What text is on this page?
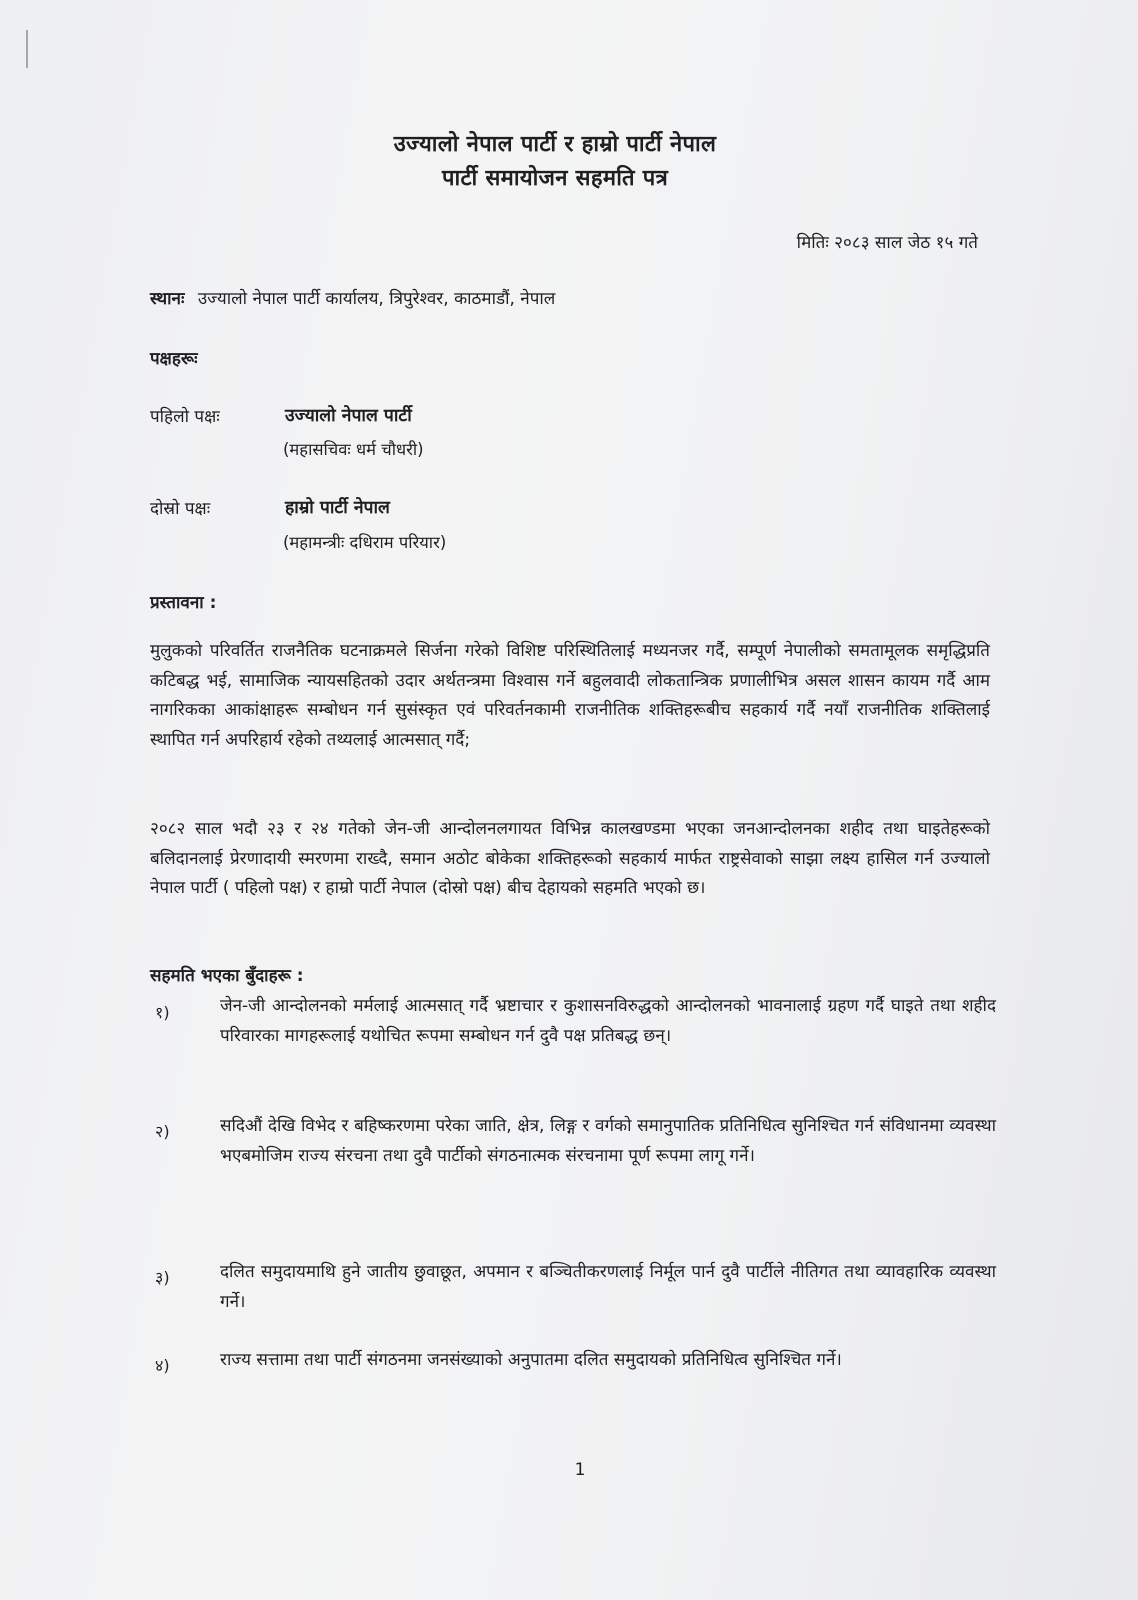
उज्यालो नेपाल पार्टी र हाम्रो पार्टी नेपाल
पार्टी समायोजन सहमति पत्र
मितिः २०८३ साल जेठ १५ गते
स्थानः उज्यालो नेपाल पार्टी कार्यालय, त्रिपुरेश्वर, काठमाडौं, नेपाल
पक्षहरूः
पहिलो पक्षः	उज्यालो नेपाल पार्टी
(महासचिवः धर्म चौधरी)
दोस्रो पक्षः	हाम्रो पार्टी नेपाल
(महामन्त्रीः दधिराम परियार)
प्रस्तावना :

मुलुकको परिवर्तित राजनैतिक घटनाक्रमले सिर्जना गरेको विशिष्ट परिस्थितिलाई मध्यनजर गर्दै, सम्पूर्ण नेपालीको समतामूलक समृद्धिप्रति कटिबद्ध भई, सामाजिक न्यायसहितको उदार अर्थतन्त्रमा विश्वास गर्ने बहुलवादी लोकतान्त्रिक प्रणालीभित्र असल शासन कायम गर्दै आम नागरिकका आकांक्षाहरू सम्बोधन गर्न सुसंस्कृत एवं परिवर्तनकामी राजनीतिक शक्तिहरूबीच सहकार्य गर्दै नयाँ राजनीतिक शक्तिलाई स्थापित गर्न अपरिहार्य रहेको तथ्यलाई आत्मसात् गर्दै;

२०८२ साल भदौ २३ र २४ गतेको जेन-जी आन्दोलनलगायत विभिन्न कालखण्डमा भएका जनआन्दोलनका शहीद तथा घाइतेहरूको बलिदानलाई प्रेरणादायी स्मरणमा राख्दै, समान अठोट बोकेका शक्तिहरूको सहकार्य मार्फत राष्ट्रसेवाको साझा लक्ष्य हासिल गर्न उज्यालो नेपाल पार्टी ( पहिलो पक्ष) र हाम्रो पार्टी नेपाल (दोस्रो पक्ष) बीच देहायको सहमति भएको छ।

सहमति भएका बुँदाहरू :
१)	जेन-जी आन्दोलनको मर्मलाई आत्मसात् गर्दै भ्रष्टाचार र कुशासनविरुद्धको आन्दोलनको भावनालाई ग्रहण गर्दै घाइते तथा शहीद परिवारका मागहरूलाई यथोचित रूपमा सम्बोधन गर्न दुवै पक्ष प्रतिबद्ध छन्।

२)	सदिऔं देखि विभेद र बहिष्करणमा परेका जाति, क्षेत्र, लिङ्ग र वर्गको समानुपातिक प्रतिनिधित्व सुनिश्चित गर्न संविधानमा व्यवस्था भएबमोजिम राज्य संरचना तथा दुवै पार्टीको संगठनात्मक संरचनामा पूर्ण रूपमा लागू गर्ने।

३)	दलित समुदायमाथि हुने जातीय छुवाछूत, अपमान र बञ्चितीकरणलाई निर्मूल पार्न दुवै पार्टीले नीतिगत तथा व्यावहारिक व्यवस्था गर्ने।

४)	राज्य सत्तामा तथा पार्टी संगठनमा जनसंख्याको अनुपातमा दलित समुदायको प्रतिनिधित्व सुनिश्चित गर्ने।

1
